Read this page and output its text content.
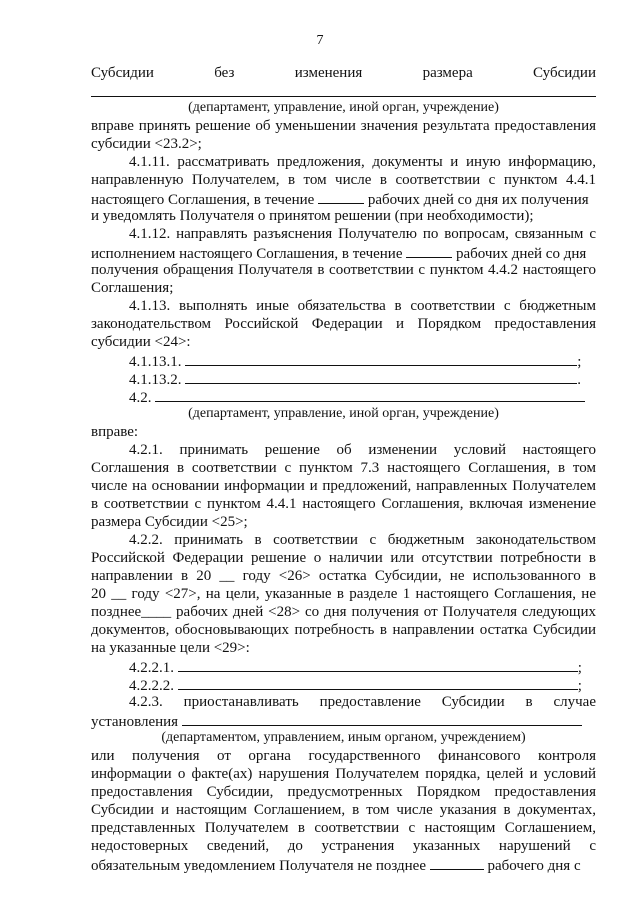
7
Субсидии	без	изменения	размера	Субсидии
(департамент, управление, иной орган, учреждение)
вправе принять решение об уменьшении значения результата предоставления
субсидии <23.2>;
4.1.11. рассматривать предложения, документы и иную информацию,
направленную Получателем, в том числе в соответствии с пунктом 4.4.1
настоящего Соглашения, в течение	рабочих дней со дня их получения
и уведомлять Получателя о принятом решении (при необходимости);
4.1.12. направлять разъяснения Получателю по вопросам, связанным с
исполнением настоящего Соглашения, в течение	рабочих дней со дня
получения обращения Получателя в соответствии с пунктом 4.4.2 настоящего
Соглашения;
4.1.13. выполнять иные обязательства в соответствии с бюджетным
законодательством Российской Федерации и Порядком предоставления
субсидии <24>:
4.1.13.1.	;
4.1.13.2.	.
4.2.
(департамент, управление, иной орган, учреждение)
вправе:
4.2.1. принимать решение об изменении условий настоящего
Соглашения в соответствии с пунктом 7.3 настоящего Соглашения, в том
числе на основании информации и предложений, направленных Получателем
в соответствии с пунктом 4.4.1 настоящего Соглашения, включая изменение
размера Субсидии <25>;
4.2.2. принимать в соответствии с бюджетным законодательством
Российской Федерации решение о наличии или отсутствии потребности в
направлении в 20 __ году <26> остатка Субсидии, не использованного в
20 __ году <27>, на цели, указанные в разделе 1 настоящего Соглашения, не
позднее____ рабочих дней <28> со дня получения от Получателя следующих
документов, обосновывающих потребность в направлении остатка Субсидии
на указанные цели <29>:
4.2.2.1.	;
4.2.2.2.	;
4.2.3. приостанавливать предоставление Субсидии в случае
установления
(департаментом, управлением, иным органом, учреждением)
или получения от органа государственного финансового контроля
информации о факте(ах) нарушения Получателем порядка, целей и условий
предоставления Субсидии, предусмотренных Порядком предоставления
Субсидии и настоящим Соглашением, в том числе указания в документах,
представленных Получателем в соответствии с настоящим Соглашением,
недостоверных сведений, до устранения указанных нарушений с
обязательным уведомлением Получателя не позднее	рабочего дня с
